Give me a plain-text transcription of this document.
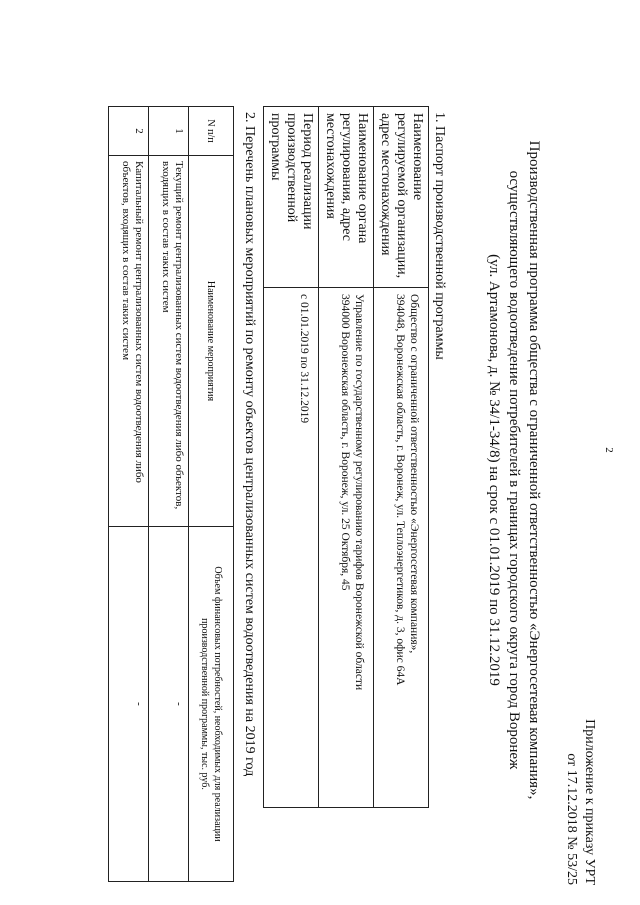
2
Приложение к приказу УРТ
от 17.12.2018 № 53/25
Производственная программа общества с ограниченной ответственностью «Энергосетевая компания»,
осуществляющего водоотведение потребителей в границах городского округа город Воронеж
(ул. Артамонова, д. № 34/1-34/8) на срок с 01.01.2019 по 31.12.2019
1. Паспорт производственной программы
Наименование регулируемой организации, адрес местонахождения	Общество с ограниченной ответственностью «Энергосетевая компания»,
394048, Воронежская область, г. Воронеж, ул. Теплоэнергетиков, д. 3, офис 64А

Наименование органа регулирования, адрес местонахождения	Управление по государственному регулированию тарифов Воронежской области
394000 Воронежская область, г. Воронеж, ул. 25 Октября, 45

Период реализации производственной программы	с 01.01.2019 по 31.12.2019
2. Перечень плановых мероприятий по ремонту объектов централизованных систем водоотведения на 2019 год
N п/п	Наименование мероприятия	Объем финансовых потребностей, необходимых для реализации производственной программы, тыс. руб.
1	Текущий ремонт централизованных систем водоотведения либо объектов, входящих в состав таких систем	-
2	Капитальный ремонт централизованных систем водоотведения либо объектов, входящих в состав таких систем	-
